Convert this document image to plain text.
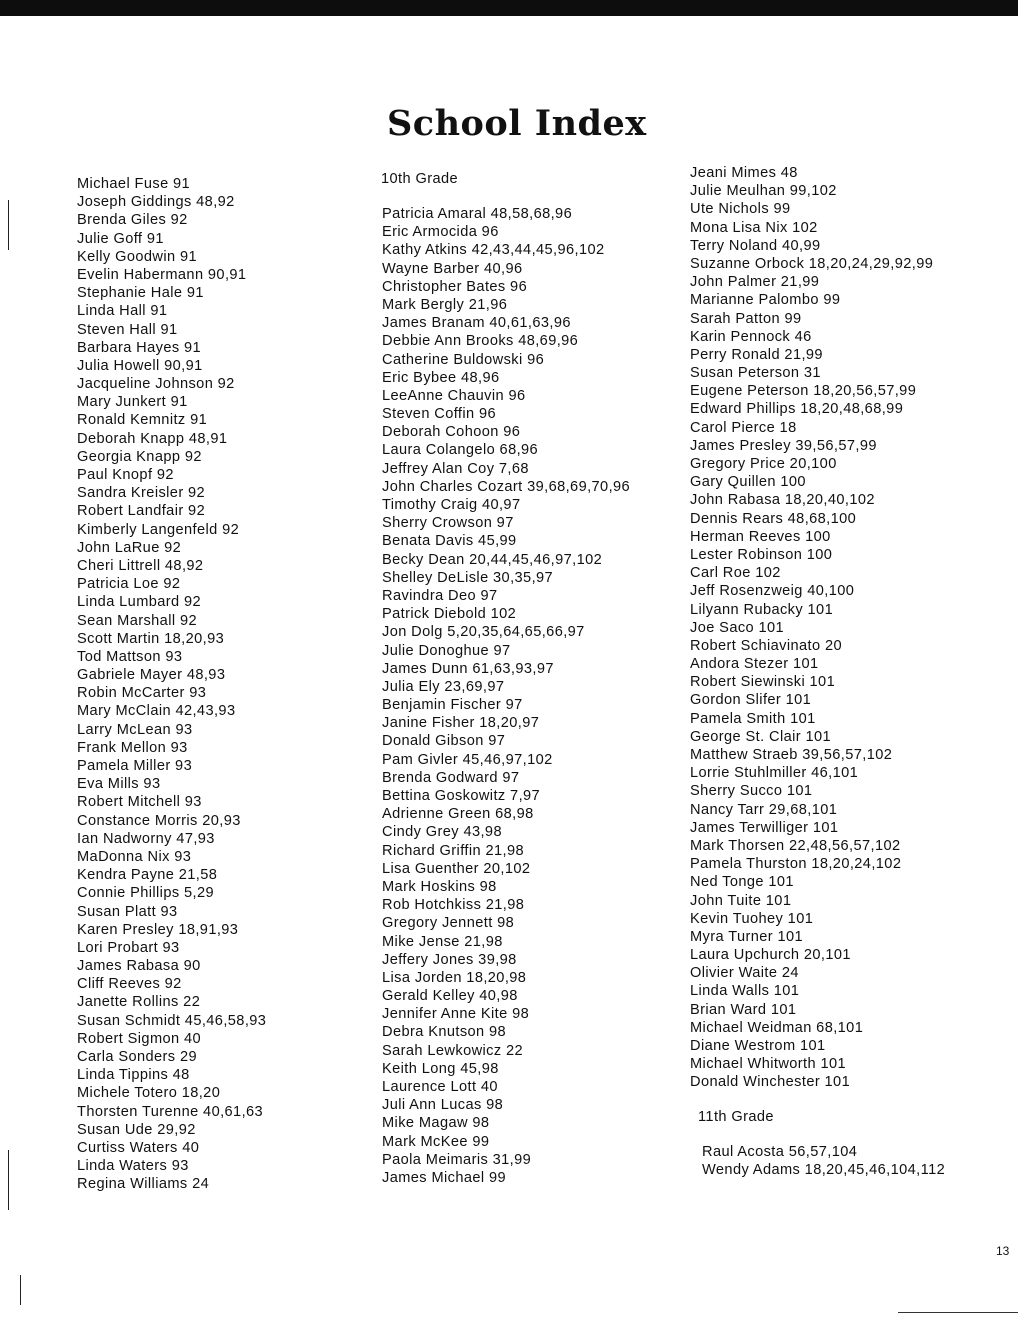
School Index
Michael Fuse 91
Joseph Giddings 48,92
Brenda Giles 92
Julie Goff 91
Kelly Goodwin 91
Evelin Habermann 90,91
Stephanie Hale 91
Linda Hall 91
Steven Hall 91
Barbara Hayes 91
Julia Howell 90,91
Jacqueline Johnson 92
Mary Junkert 91
Ronald Kemnitz 91
Deborah Knapp 48,91
Georgia Knapp 92
Paul Knopf 92
Sandra Kreisler 92
Robert Landfair 92
Kimberly Langenfeld 92
John LaRue 92
Cheri Littrell 48,92
Patricia Loe 92
Linda Lumbard 92
Sean Marshall 92
Scott Martin 18,20,93
Tod Mattson 93
Gabriele Mayer 48,93
Robin McCarter 93
Mary McClain 42,43,93
Larry McLean 93
Frank Mellon 93
Pamela Miller 93
Eva Mills 93
Robert Mitchell 93
Constance Morris 20,93
Ian Nadworny 47,93
MaDonna Nix 93
Kendra Payne 21,58
Connie Phillips 5,29
Susan Platt 93
Karen Presley 18,91,93
Lori Probart 93
James Rabasa 90
Cliff Reeves 92
Janette Rollins 22
Susan Schmidt 45,46,58,93
Robert Sigmon 40
Carla Sonders 29
Linda Tippins 48
Michele Totero 18,20
Thorsten Turenne 40,61,63
Susan Ude 29,92
Curtiss Waters 40
Linda Waters 93
Regina Williams 24
10th Grade
Patricia Amaral 48,58,68,96
Eric Armocida 96
Kathy Atkins 42,43,44,45,96,102
Wayne Barber 40,96
Christopher Bates 96
Mark Bergly 21,96
James Branam 40,61,63,96
Debbie Ann Brooks 48,69,96
Catherine Buldowski 96
Eric Bybee 48,96
LeeAnne Chauvin 96
Steven Coffin 96
Deborah Cohoon 96
Laura Colangelo 68,96
Jeffrey Alan Coy 7,68
John Charles Cozart 39,68,69,70,96
Timothy Craig 40,97
Sherry Crowson 97
Benata Davis 45,99
Becky Dean 20,44,45,46,97,102
Shelley DeLisle 30,35,97
Ravindra Deo 97
Patrick Diebold 102
Jon Dolg 5,20,35,64,65,66,97
Julie Donoghue 97
James Dunn 61,63,93,97
Julia Ely 23,69,97
Benjamin Fischer 97
Janine Fisher 18,20,97
Donald Gibson 97
Pam Givler 45,46,97,102
Brenda Godward 97
Bettina Goskowitz 7,97
Adrienne Green 68,98
Cindy Grey 43,98
Richard Griffin 21,98
Lisa Guenther 20,102
Mark Hoskins 98
Rob Hotchkiss 21,98
Gregory Jennett 98
Mike Jense 21,98
Jeffery Jones 39,98
Lisa Jorden 18,20,98
Gerald Kelley 40,98
Jennifer Anne Kite 98
Debra Knutson 98
Sarah Lewkowicz 22
Keith Long 45,98
Laurence Lott 40
Juli Ann Lucas 98
Mike Magaw 98
Mark McKee 99
Paola Meimaris 31,99
James Michael 99
Jeani Mimes 48
Julie Meulhan 99,102
Ute Nichols 99
Mona Lisa Nix 102
Terry Noland 40,99
Suzanne Orbock 18,20,24,29,92,99
John Palmer 21,99
Marianne Palombo 99
Sarah Patton 99
Karin Pennock 46
Perry Ronald 21,99
Susan Peterson 31
Eugene Peterson 18,20,56,57,99
Edward Phillips 18,20,48,68,99
Carol Pierce 18
James Presley 39,56,57,99
Gregory Price 20,100
Gary Quillen 100
John Rabasa 18,20,40,102
Dennis Rears 48,68,100
Herman Reeves 100
Lester Robinson 100
Carl Roe 102
Jeff Rosenzweig 40,100
Lilyann Rubacky 101
Joe Saco 101
Robert Schiavinato 20
Andora Stezer 101
Robert Siewinski 101
Gordon Slifer 101
Pamela Smith 101
George St. Clair 101
Matthew Straeb 39,56,57,102
Lorrie Stuhlmiller 46,101
Sherry Succo 101
Nancy Tarr 29,68,101
James Terwilliger 101
Mark Thorsen 22,48,56,57,102
Pamela Thurston 18,20,24,102
Ned Tonge 101
John Tuite 101
Kevin Tuohey 101
Myra Turner 101
Laura Upchurch 20,101
Olivier Waite 24
Linda Walls 101
Brian Ward 101
Michael Weidman 68,101
Diane Westrom 101
Michael Whitworth 101
Donald Winchester 101
11th Grade
Raul Acosta 56,57,104
Wendy Adams 18,20,45,46,104,112
13
